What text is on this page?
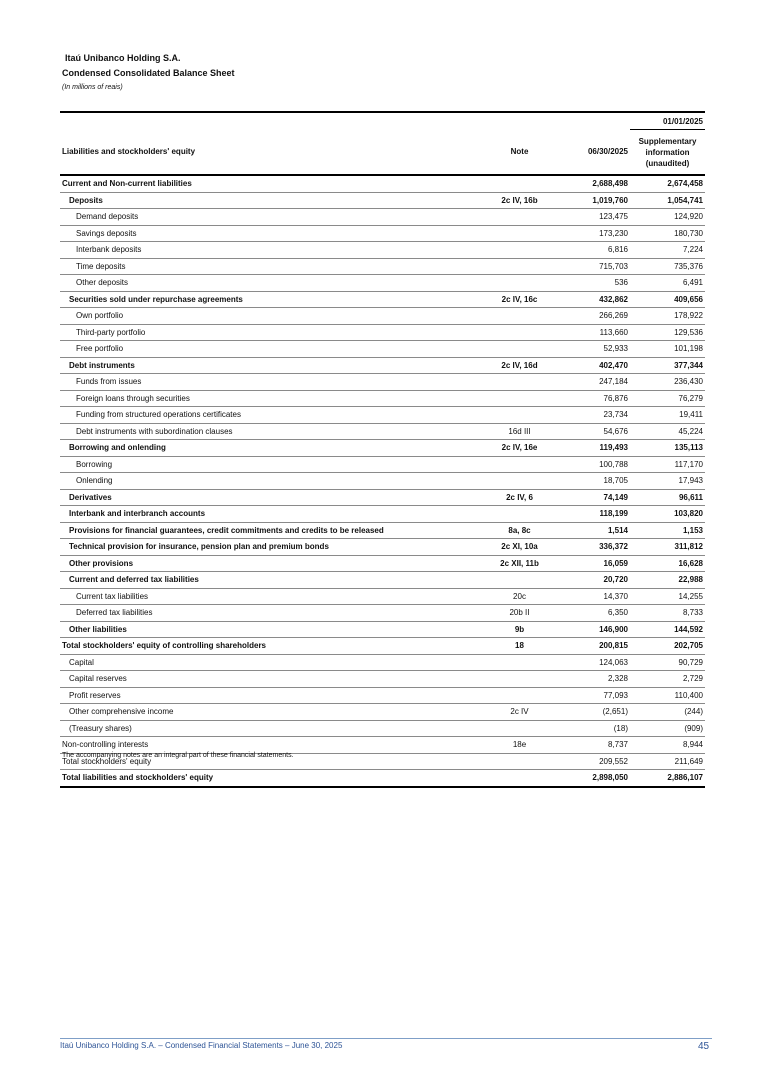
Itaú Unibanco Holding S.A.
Condensed Consolidated Balance Sheet
(In millions of reais)
			01/01/2025
Liabilities and stockholders' equity	Note	06/30/2025	Supplementary information (unaudited)
Current and Non-current liabilities		2,688,498	2,674,458
Deposits	2c IV, 16b	1,019,760	1,054,741
Demand deposits		123,475	124,920
Savings deposits		173,230	180,730
Interbank deposits		6,816	7,224
Time deposits		715,703	735,376
Other deposits		536	6,491
Securities sold under repurchase agreements	2c IV, 16c	432,862	409,656
Own portfolio		266,269	178,922
Third-party portfolio		113,660	129,536
Free portfolio		52,933	101,198
Debt instruments	2c IV, 16d	402,470	377,344
Funds from issues		247,184	236,430
Foreign loans through securities		76,876	76,279
Funding from structured operations certificates		23,734	19,411
Debt instruments with subordination clauses	16d III	54,676	45,224
Borrowing and onlending	2c IV, 16e	119,493	135,113
Borrowing		100,788	117,170
Onlending		18,705	17,943
Derivatives	2c IV, 6	74,149	96,611
Interbank and interbranch accounts		118,199	103,820
Provisions for financial guarantees, credit commitments and credits to be released	8a, 8c	1,514	1,153
Technical provision for insurance, pension plan and premium bonds	2c XI, 10a	336,372	311,812
Other provisions	2c XII, 11b	16,059	16,628
Current and deferred tax liabilities		20,720	22,988
Current tax liabilities	20c	14,370	14,255
Deferred tax liabilities	20b II	6,350	8,733
Other liabilities	9b	146,900	144,592
Total stockholders' equity of controlling shareholders	18	200,815	202,705
Capital		124,063	90,729
Capital reserves		2,328	2,729
Profit reserves		77,093	110,400
Other comprehensive income	2c IV	(2,651)	(244)
(Treasury shares)		(18)	(909)
Non-controlling interests	18e	8,737	8,944
Total stockholders' equity		209,552	211,649
Total liabilities and stockholders' equity		2,898,050	2,886,107
The accompanying notes are an integral part of these financial statements.
Itaú Unibanco Holding S.A. – Condensed Financial Statements – June 30, 2025	45
